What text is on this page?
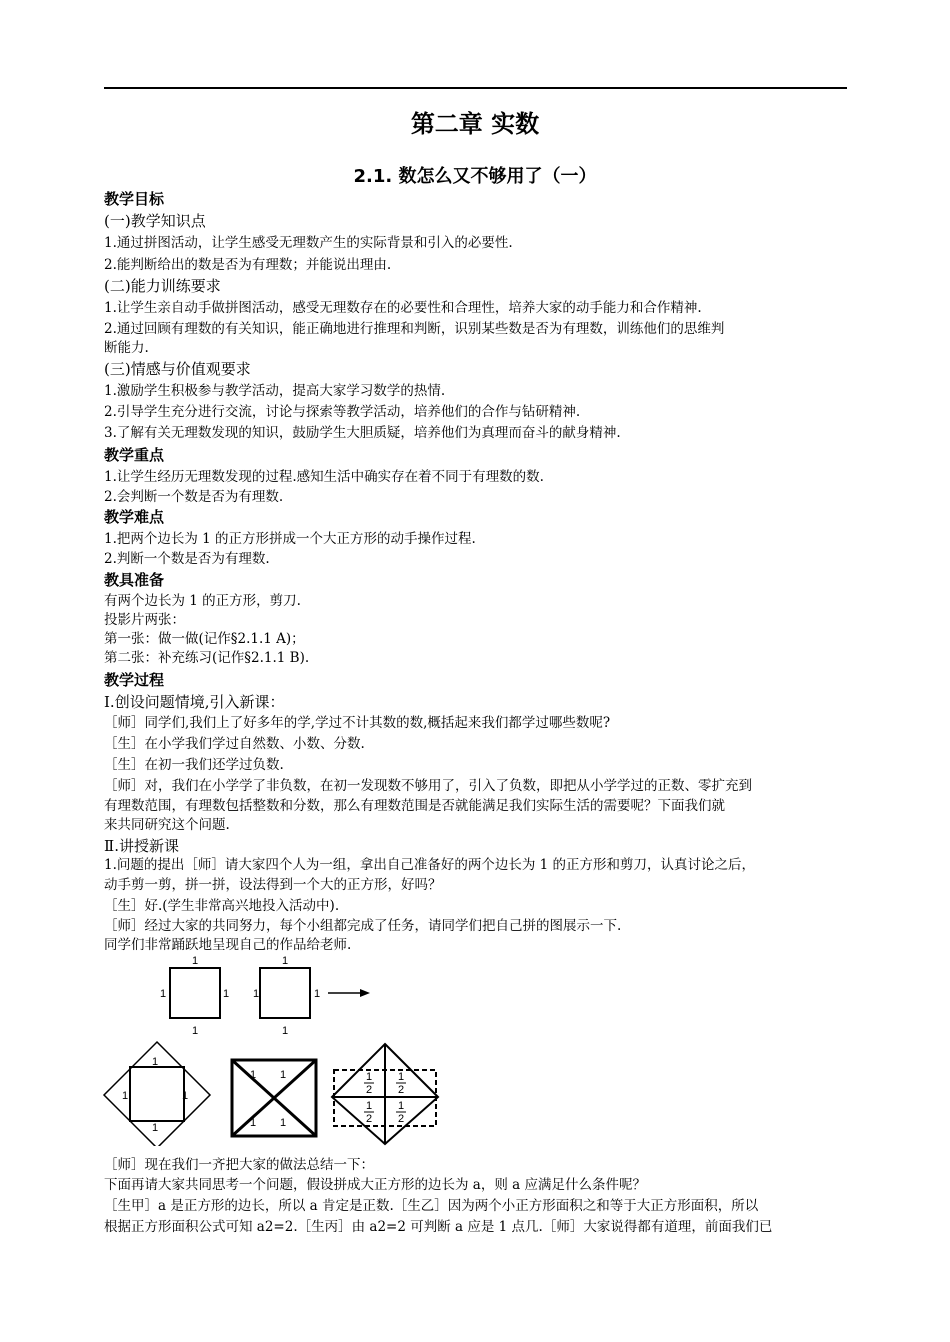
第二章 实数
2.1. 数怎么又不够用了（一）
教学目标
(一)教学知识点
1.通过拼图活动，让学生感受无理数产生的实际背景和引入的必要性.
2.能判断给出的数是否为有理数；并能说出理由.
(二)能力训练要求
1.让学生亲自动手做拼图活动，感受无理数存在的必要性和合理性，培养大家的动手能力和合作精神.
2.通过回顾有理数的有关知识，能正确地进行推理和判断，识别某些数是否为有理数，训练他们的思维判
断能力.
(三)情感与价值观要求
1.激励学生积极参与教学活动，提高大家学习数学的热情.
2.引导学生充分进行交流，讨论与探索等教学活动，培养他们的合作与钻研精神.
3.了解有关无理数发现的知识，鼓励学生大胆质疑，培养他们为真理而奋斗的献身精神.
教学重点
1.让学生经历无理数发现的过程.感知生活中确实存在着不同于有理数的数.
2.会判断一个数是否为有理数.
教学难点
1.把两个边长为 1 的正方形拼成一个大正方形的动手操作过程.
2.判断一个数是否为有理数.
教具准备
有两个边长为 1 的正方形，剪刀.
投影片两张：
第一张：做一做(记作§2.1.1 A)；
第二张：补充练习(记作§2.1.1 B).
教学过程
Ⅰ.创设问题情境,引入新课：
［师］同学们,我们上了好多年的学,学过不计其数的数,概括起来我们都学过哪些数呢?
［生］在小学我们学过自然数、小数、分数.
［生］在初一我们还学过负数.
［师］对，我们在小学学了非负数，在初一发现数不够用了，引入了负数，即把从小学学过的正数、零扩充到
有理数范围，有理数包括整数和分数，那么有理数范围是否就能满足我们实际生活的需要呢？下面我们就
来共同研究这个问题.
Ⅱ.讲授新课
1.问题的提出［师］请大家四个人为一组，拿出自己准备好的两个边长为 1 的正方形和剪刀，认真讨论之后，
动手剪一剪，拼一拼，设法得到一个大的正方形，好吗？
［生］好.(学生非常高兴地投入活动中).
［师］经过大家的共同努力，每个小组都完成了任务，请同学们把自己拼的图展示一下.
同学们非常踊跃地呈现自己的作品给老师.
1
1
1	1
1
1
1	1
1
1
1	1
1 1
1 1
1
2
1
2
1
2
1
2
［师］现在我们一齐把大家的做法总结一下：
下面再请大家共同思考一个问题，假设拼成大正方形的边长为 a，则 a 应满足什么条件呢？
［生甲］a 是正方形的边长，所以 a 肯定是正数.［生乙］因为两个小正方形面积之和等于大正方形面积，所以
根据正方形面积公式可知 a2=2.［生丙］由 a2=2 可判断 a 应是 1 点几.［师］大家说得都有道理，前面我们已
